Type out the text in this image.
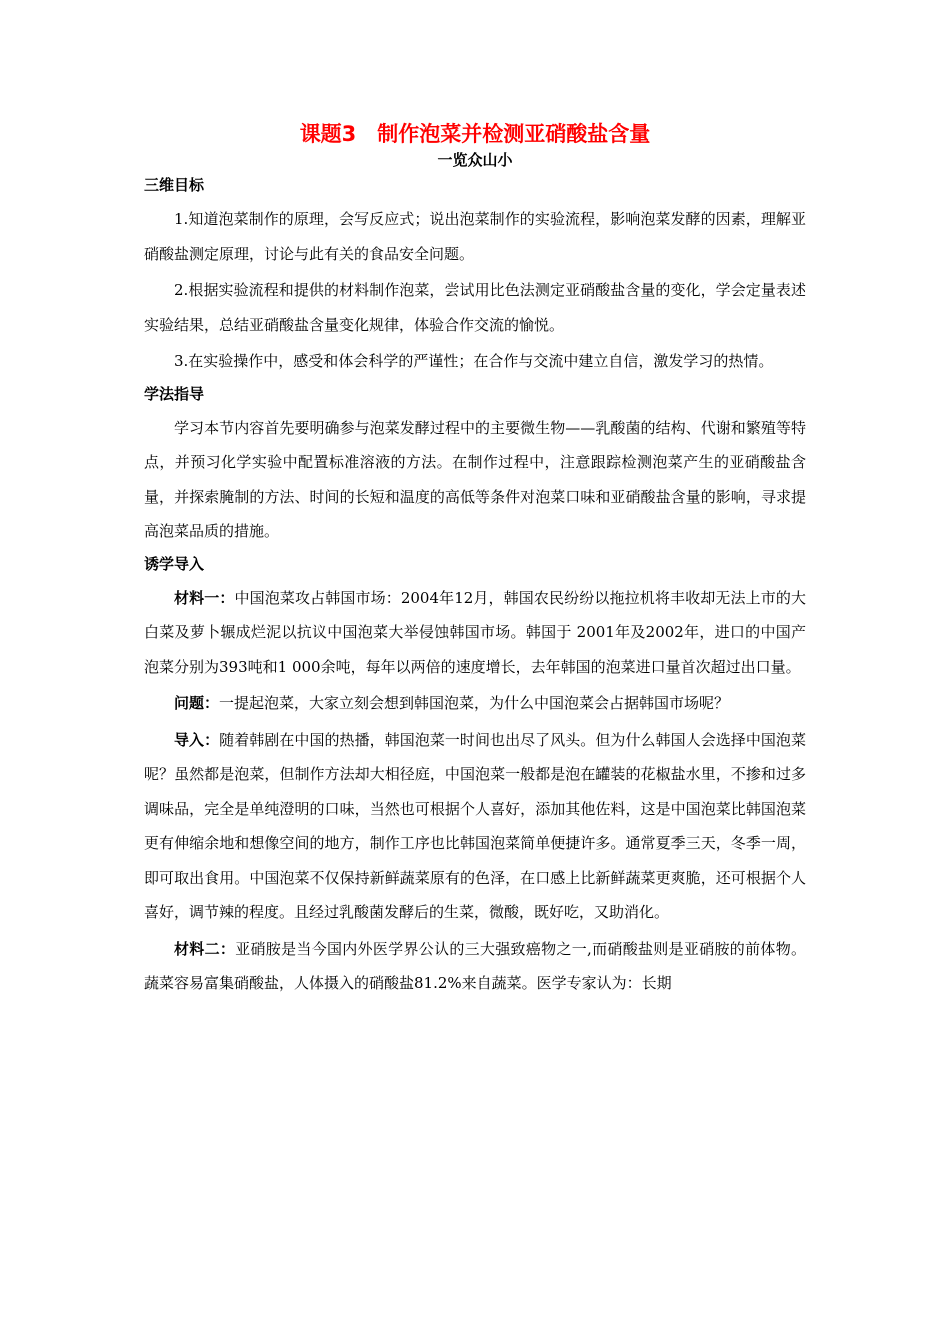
课题3　制作泡菜并检测亚硝酸盐含量
一览众山小
三维目标

1.知道泡菜制作的原理，会写反应式；说出泡菜制作的实验流程，影响泡菜发酵的因素，理解亚硝酸盐测定原理，讨论与此有关的食品安全问题。

2.根据实验流程和提供的材料制作泡菜，尝试用比色法测定亚硝酸盐含量的变化，学会定量表述实验结果，总结亚硝酸盐含量变化规律，体验合作交流的愉悦。

3.在实验操作中，感受和体会科学的严谨性；在合作与交流中建立自信，激发学习的热情。

学法指导

学习本节内容首先要明确参与泡菜发酵过程中的主要微生物——乳酸菌的结构、代谢和繁殖等特点，并预习化学实验中配置标准溶液的方法。在制作过程中，注意跟踪检测泡菜产生的亚硝酸盐含量，并探索腌制的方法、时间的长短和温度的高低等条件对泡菜口味和亚硝酸盐含量的影响，寻求提高泡菜品质的措施。

诱学导入

材料一：中国泡菜攻占韩国市场：2004年12月，韩国农民纷纷以拖拉机将丰收却无法上市的大白菜及萝卜辗成烂泥以抗议中国泡菜大举侵蚀韩国市场。韩国于 2001年及2002年，进口的中国产泡菜分别为393吨和1 000余吨，每年以两倍的速度增长，去年韩国的泡菜进口量首次超过出口量。

问题：一提起泡菜，大家立刻会想到韩国泡菜，为什么中国泡菜会占据韩国市场呢？

导入：随着韩剧在中国的热播，韩国泡菜一时间也出尽了风头。但为什么韩国人会选择中国泡菜呢？虽然都是泡菜，但制作方法却大相径庭，中国泡菜一般都是泡在罐装的花椒盐水里，不掺和过多调味品，完全是单纯澄明的口味，当然也可根据个人喜好，添加其他佐料，这是中国泡菜比韩国泡菜更有伸缩余地和想像空间的地方，制作工序也比韩国泡菜简单便捷许多。通常夏季三天，冬季一周，即可取出食用。中国泡菜不仅保持新鲜蔬菜原有的色泽，在口感上比新鲜蔬菜更爽脆，还可根据个人喜好，调节辣的程度。且经过乳酸菌发酵后的生菜，微酸，既好吃，又助消化。

材料二：亚硝胺是当今国内外医学界公认的三大强致癌物之一,而硝酸盐则是亚硝胺的前体物。蔬菜容易富集硝酸盐，人体摄入的硝酸盐81.2%来自蔬菜。医学专家认为：长期
